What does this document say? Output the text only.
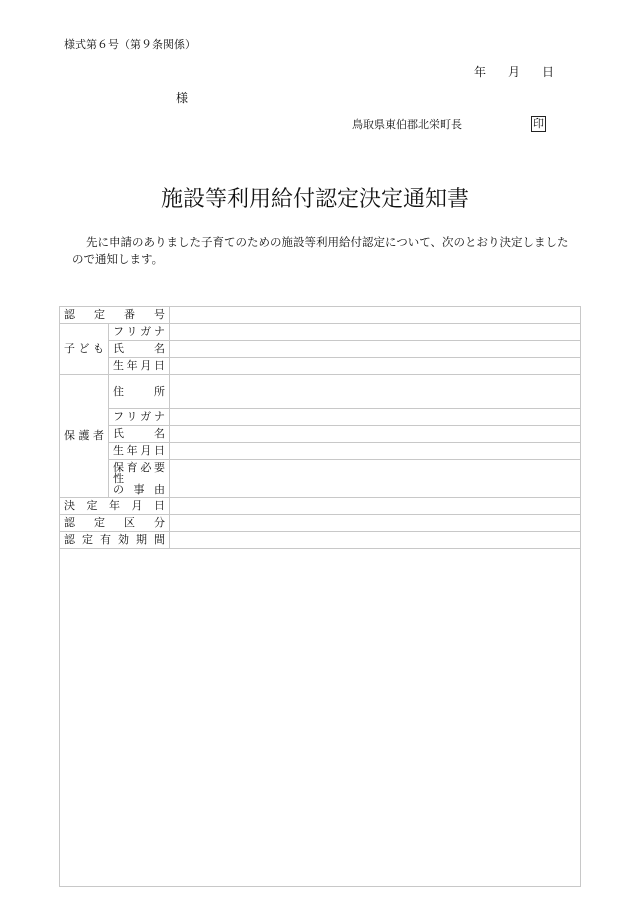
様式第６号（第９条関係）
年 月 日
様
鳥取県東伯郡北栄町長	印
施設等利用給付認定決定通知書
先に申請のありました子育てのための施設等利用給付認定について、次のとおり決定しましたので通知します。
認定番号		
子ども	フリガナ	
	氏名	
	生年月日	
保護者	住所	
	フリガナ	
	氏名	
	生年月日	

	保育必要性
の事由	

決定年月日		
認定区分		
認定有効期間		
